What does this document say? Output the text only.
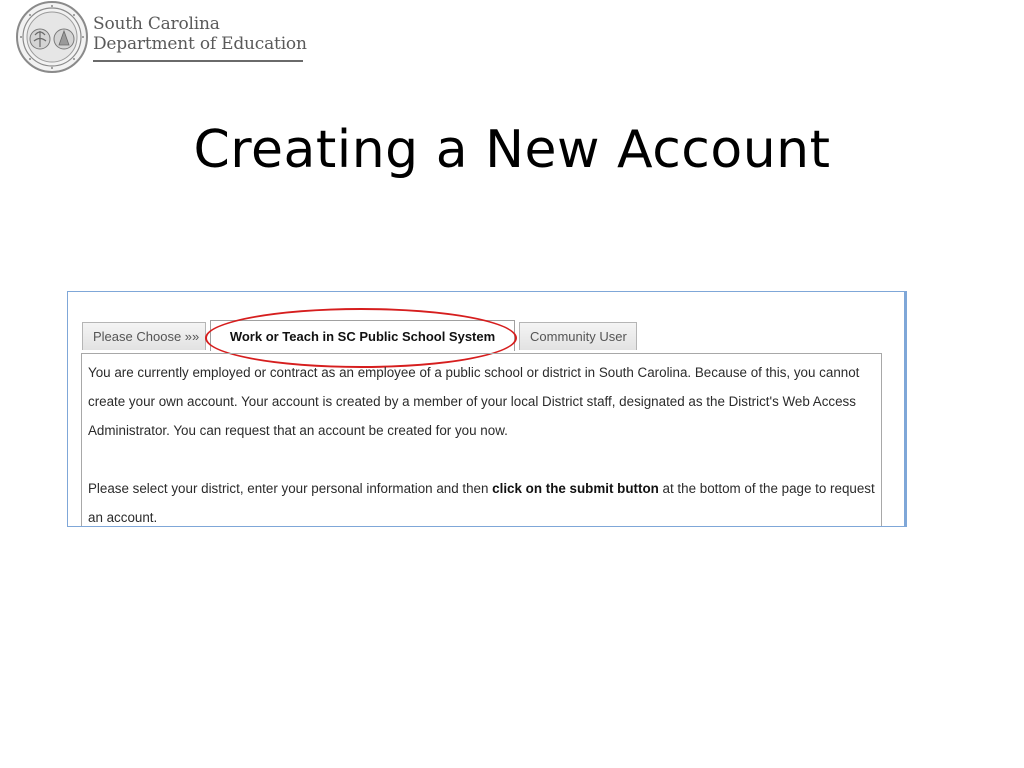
South Carolina
Department of Education
Creating a New Account
Please Choose »»	Work or Teach in SC Public School System	Community User

You are currently employed or contract as an employee of a public school or district in South Carolina. Because of this, you cannot create your own account. Your account is created by a member of your local District staff, designated as the District's Web Access Administrator. You can request that an account be created for you now.

Please select your district, enter your personal information and then click on the submit button at the bottom of the page to request an account.
